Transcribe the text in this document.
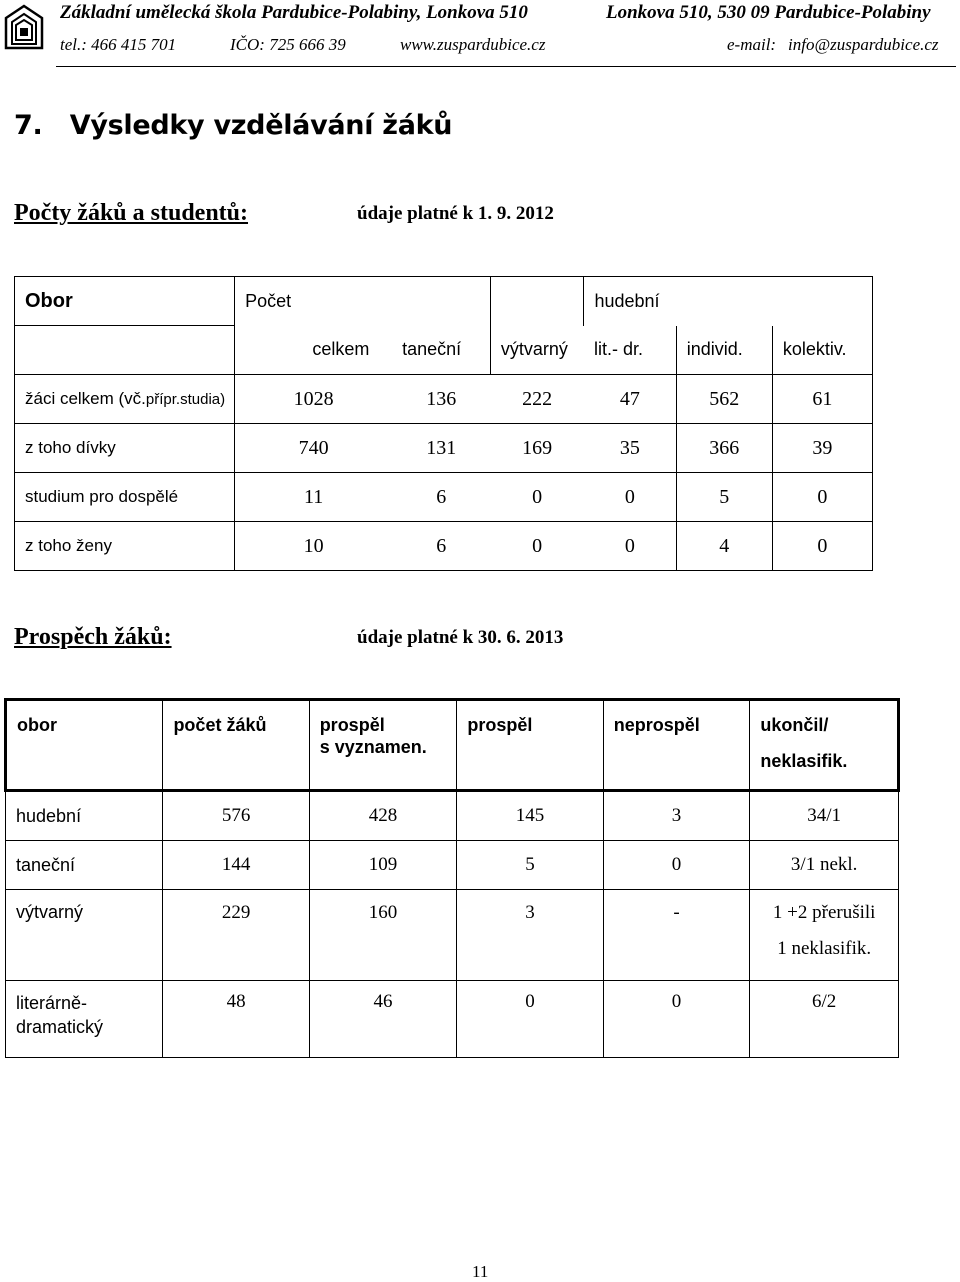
Základní umělecká škola Pardubice-Polabiny, Lonkova 510	Lonkova 510, 530 09 Pardubice-Polabiny
tel.: 466 415 701	IČO: 725 666 39	www.zuspardubice.cz	e-mail: info@zuspardubice.cz
7.   Výsledky vzdělávání žáků
Počty žáků a studentů:	údaje platné k 1. 9. 2012
Obor	Počet				hudební		
		celkem	taneční	výtvarný	lit.- dr.	individ.	kolektiv.
žáci celkem (vč.přípr.studia)	1028		136	222	47	562	61
z toho dívky	740		131	169	35	366	39
studium pro dospělé	11		6	0	0	5	0
z toho ženy	10		6	0	0	4	0
Prospěch žáků:	údaje platné k 30. 6. 2013
obor	počet žáků	prospěl
s vyznamen.	prospěl	neprospěl	ukončil/
neklasifik.

hudební	576	428	145	3	34/1
taneční	144	109	5	0	3/1 nekl.
výtvarný	229	160	3	-	1 +2 přerušili
1 neklasifik.

literárně-
dramatický	48	46	0	0	6/2
11
